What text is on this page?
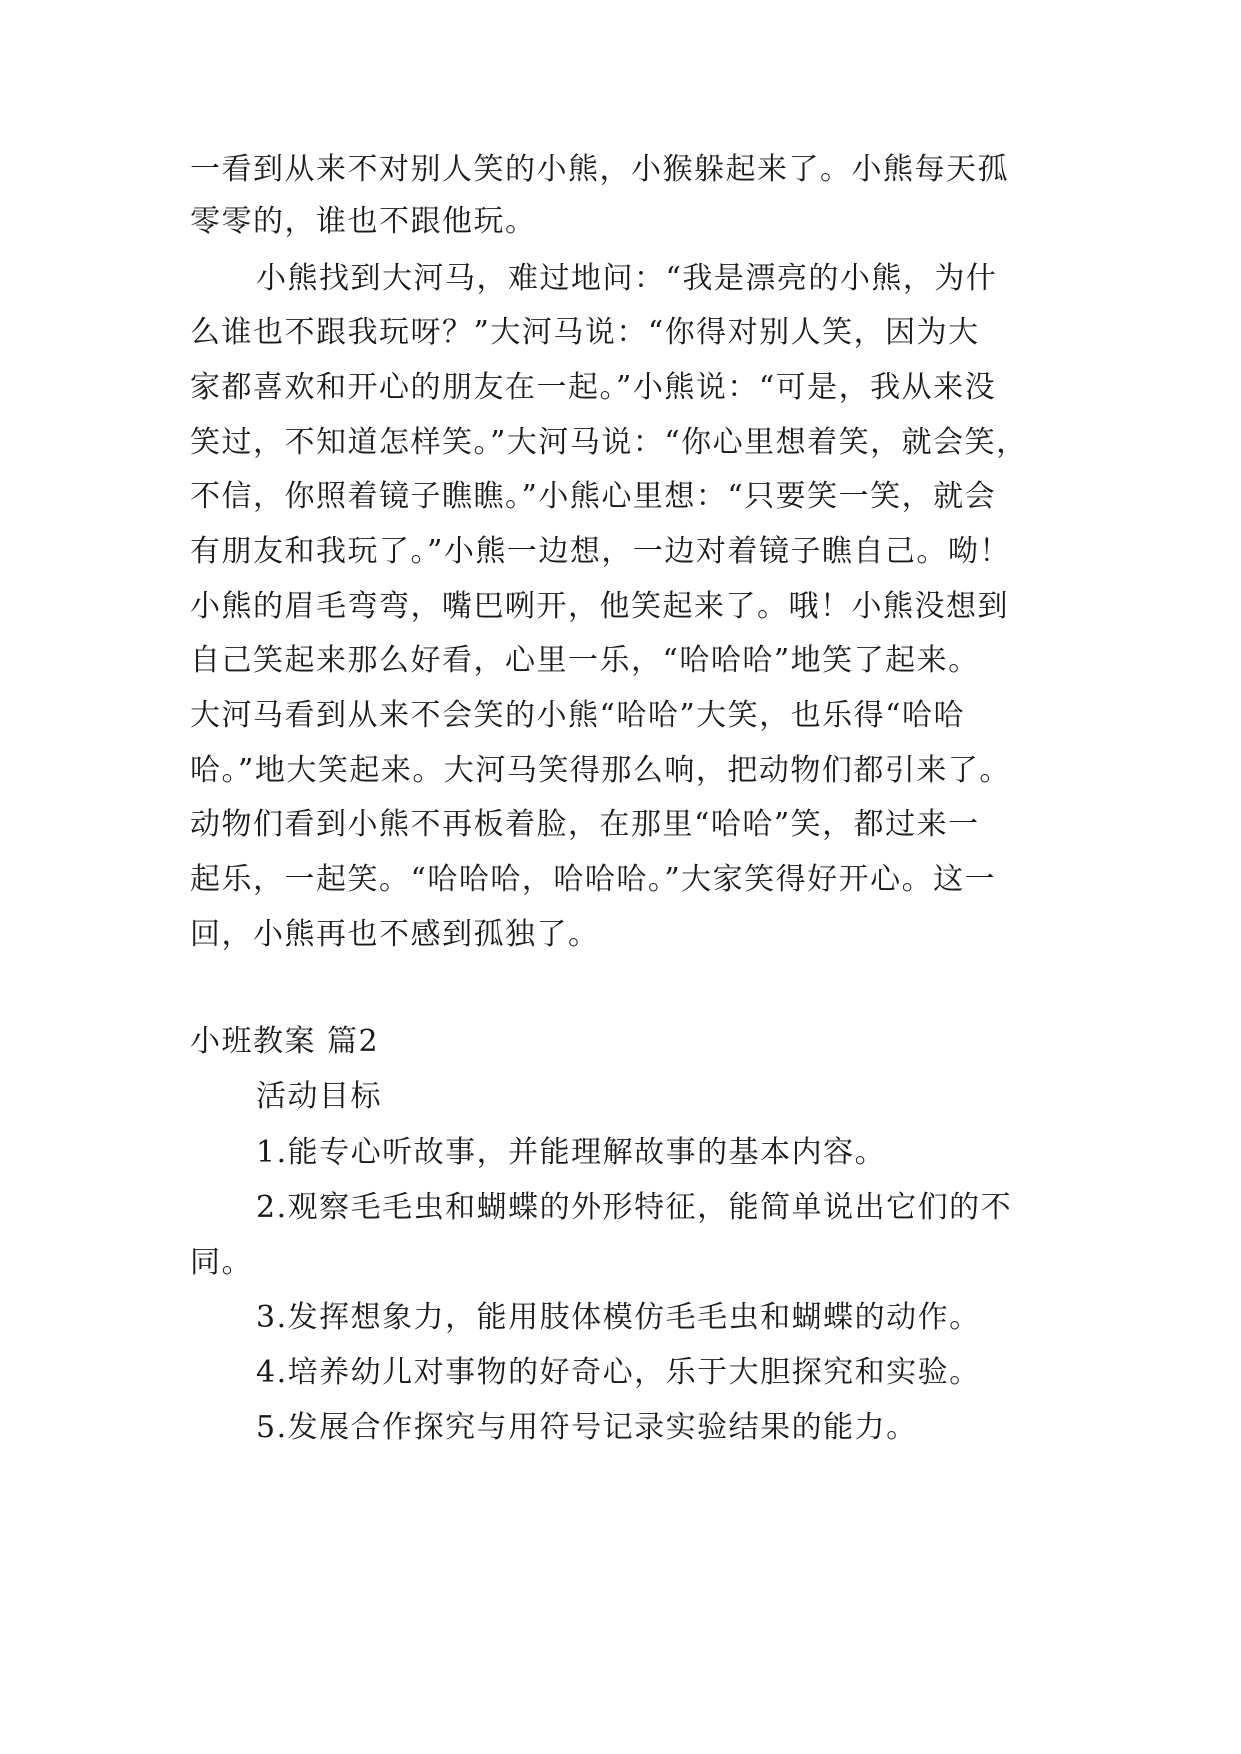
一看到从来不对别人笑的小熊，小猴躲起来了。小熊每天孤
零零的，谁也不跟他玩。
小熊找到大河马，难过地问：“我是漂亮的小熊，为什
么谁也不跟我玩呀？”大河马说：“你得对别人笑，因为大
家都喜欢和开心的朋友在一起。”小熊说：“可是，我从来没
笑过，不知道怎样笑。”大河马说：“你心里想着笑，就会笑，
不信，你照着镜子瞧瞧。”小熊心里想：“只要笑一笑，就会
有朋友和我玩了。”小熊一边想，一边对着镜子瞧自己。呦！
小熊的眉毛弯弯，嘴巴咧开，他笑起来了。哦！小熊没想到
自己笑起来那么好看，心里一乐，“哈哈哈”地笑了起来。
大河马看到从来不会笑的小熊“哈哈”大笑，也乐得“哈哈
哈。”地大笑起来。大河马笑得那么响，把动物们都引来了。
动物们看到小熊不再板着脸，在那里“哈哈”笑，都过来一
起乐，一起笑。“哈哈哈，哈哈哈。”大家笑得好开心。这一
回，小熊再也不感到孤独了。
小班教案 篇2
活动目标
1.能专心听故事，并能理解故事的基本内容。
2.观察毛毛虫和蝴蝶的外形特征，能简单说出它们的不
同。
3.发挥想象力，能用肢体模仿毛毛虫和蝴蝶的动作。
4.培养幼儿对事物的好奇心，乐于大胆探究和实验。
5.发展合作探究与用符号记录实验结果的能力。
